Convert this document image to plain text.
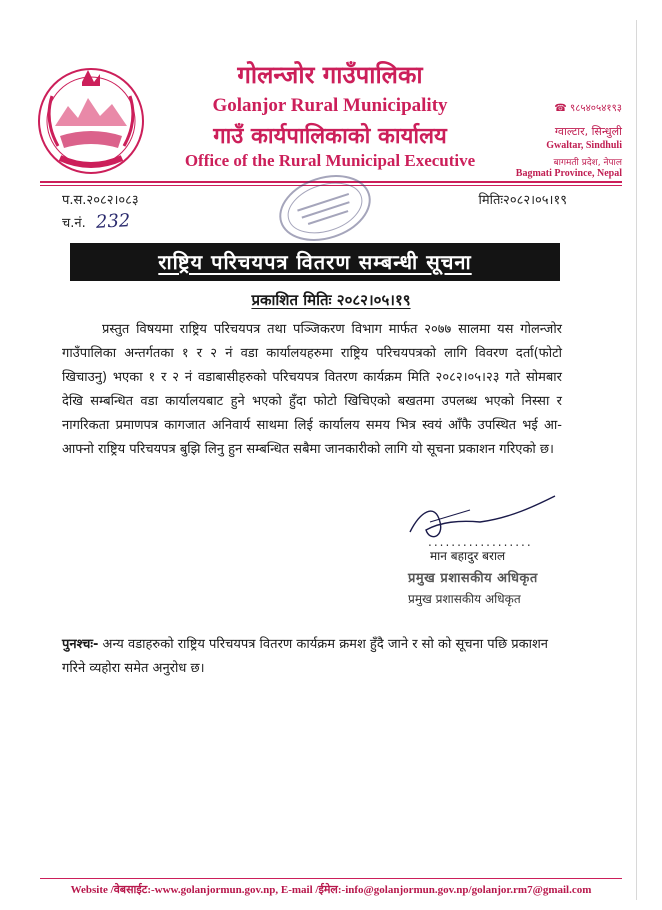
गोलन्जोर गाउँपालिका
Golanjor Rural Municipality
गाउँ कार्यपालिकाको कार्यालय
Office of the Rural Municipal Executive
☎ ९८५४०५४१९३
ग्वाल्टार, सिन्धुली
Gwaltar, Sindhuli
बागमती प्रदेश, नेपाल
Bagmati Province, Nepal
प.स.२०८२।०८३
च.नं. 232
मितिः२०८२।०५।१९
राष्ट्रिय परिचयपत्र वितरण सम्बन्धी सूचना
प्रकाशित मितिः २०८२।०५।१९
प्रस्तुत विषयमा राष्ट्रिय परिचयपत्र तथा पञ्जिकरण विभाग मार्फत २०७७ सालमा यस गोलन्जोर गाउँपालिका अन्तर्गतका १ र २ नं वडा कार्यालयहरुमा राष्ट्रिय परिचयपत्रको लागि विवरण दर्ता(फोटो खिचाउनु) भएका १ र २ नं वडाबासीहरुको परिचयपत्र वितरण कार्यक्रम मिति २०८२।०५।२३ गते सोमबार देखि सम्बन्धित वडा कार्यालयबाट हुने भएको हुँदा फोटो खिचिएको बखतमा उपलब्ध भएको निस्सा र नागरिकता प्रमाणपत्र कागजात अनिवार्य साथमा लिई कार्यालय समय भित्र स्वयं आँफै उपस्थित भई आ-आफ्नो राष्ट्रिय परिचयपत्र बुझि लिनु हुन सम्बन्धित सबैमा जानकारीको लागि यो सूचना प्रकाशन गरिएको छ।
..................
मान बहादुर बराल
प्रमुख प्रशासकीय अधिकृत
प्रमुख प्रशासकीय अधिकृत
पुनश्चः- अन्य वडाहरुको राष्ट्रिय परिचयपत्र वितरण कार्यक्रम क्रमश हुँदै जाने र सो को सूचना पछि प्रकाशन गरिने व्यहोरा समेत अनुरोध छ।
Website /वेबसाईट:-www.golanjormun.gov.np, E-mail /ईमेल:-info@golanjormun.gov.np/golanjor.rm7@gmail.com
